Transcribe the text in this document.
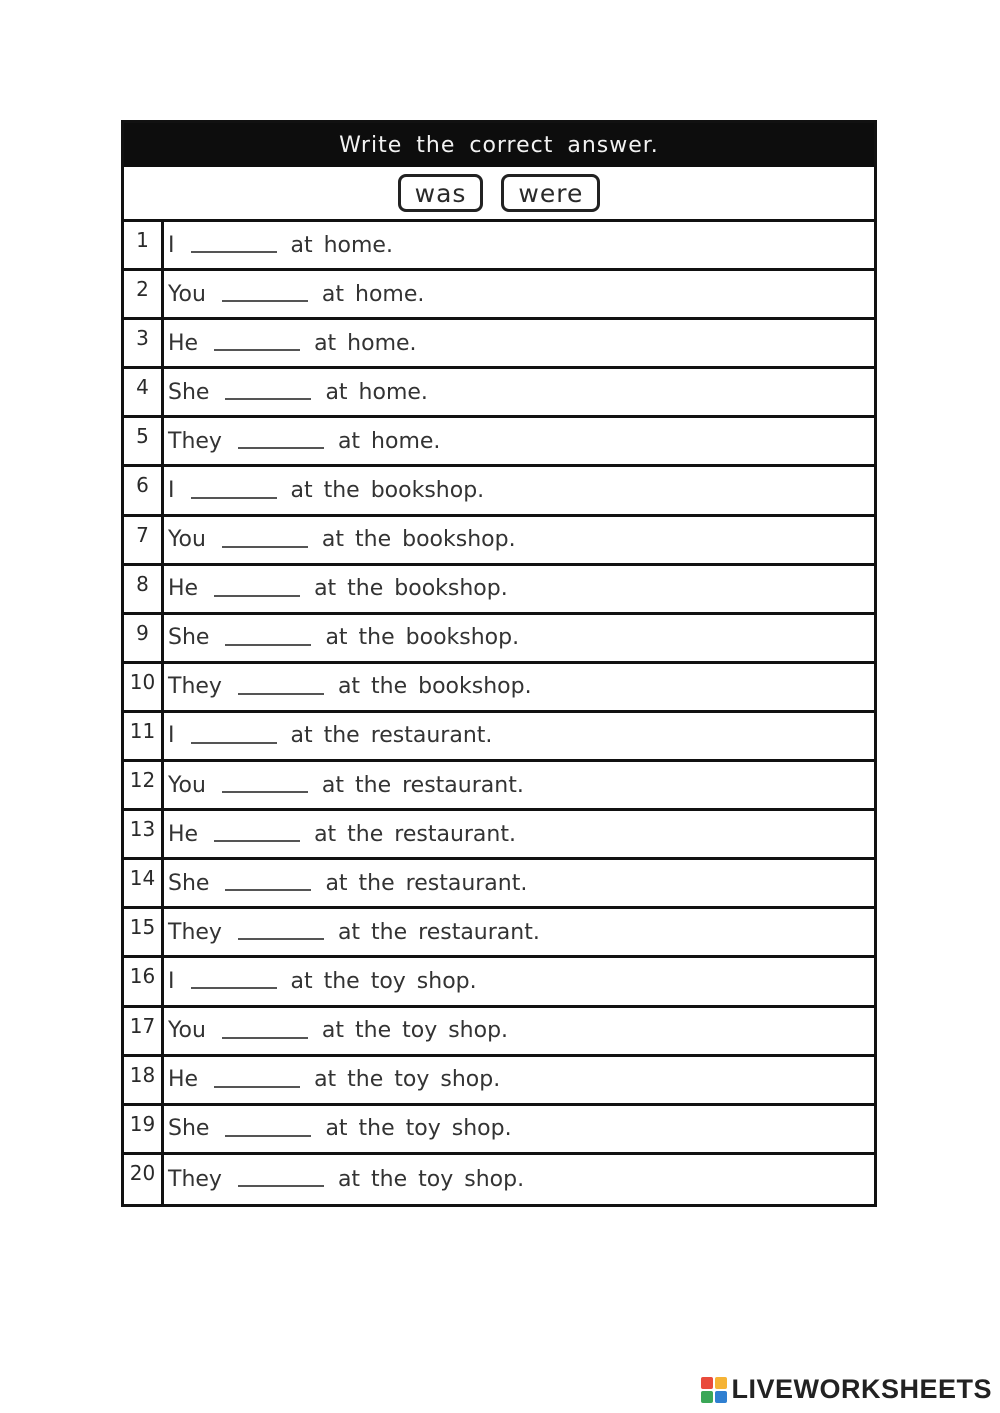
Write the correct answer.
was	were
1 I	at home.
2 You	at home.
3 He	at home.
4 She	at home.
5 They	at home.
6 I	at the bookshop.
7 You	at the bookshop.
8 He	at the bookshop.
9 She	at the bookshop.
10 They	at the bookshop.
11 I	at the restaurant.
12 You	at the restaurant.
13 He	at the restaurant.
14 She	at the restaurant.
15 They	at the restaurant.
16 I	at the toy shop.
17 You	at the toy shop.
18 He	at the toy shop.
19 She	at the toy shop.
20 They	at the toy shop.
LIVEWORKSHEETS
